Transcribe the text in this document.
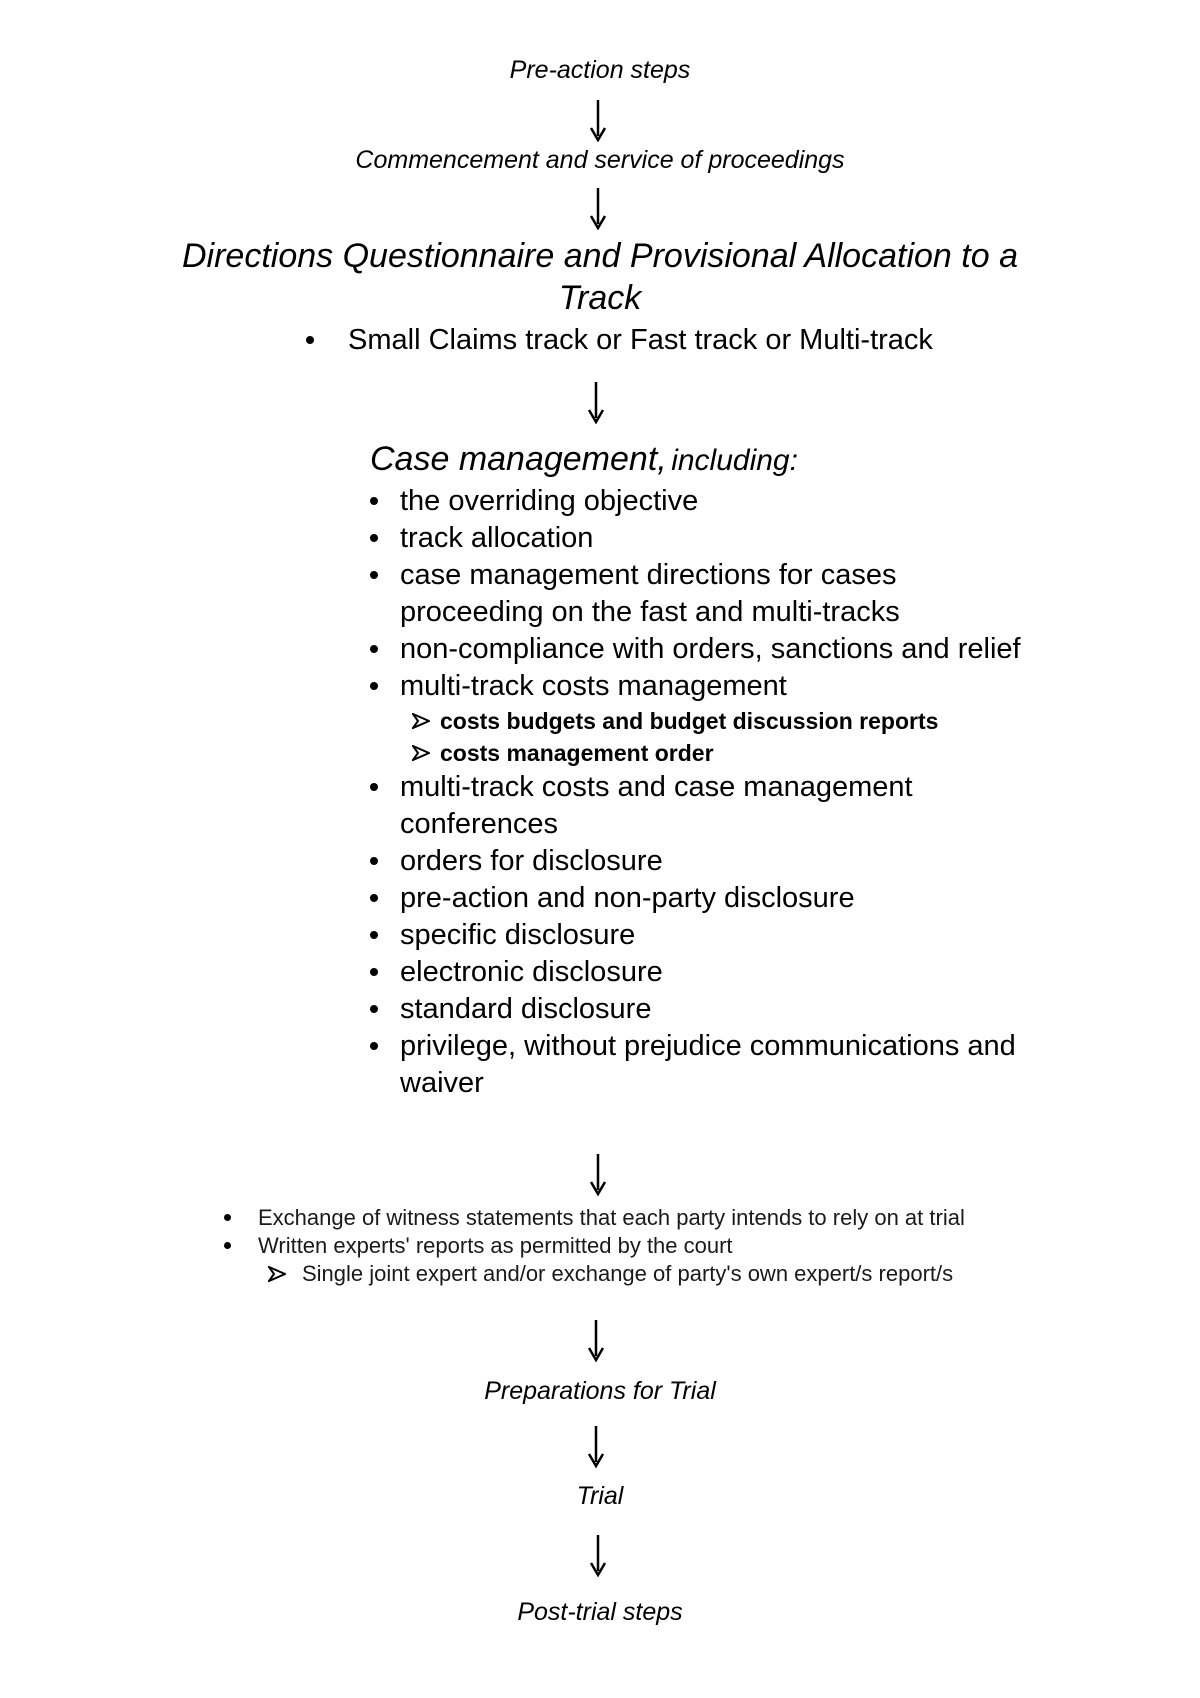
Pre-action steps
Commencement and service of proceedings
Directions Questionnaire and Provisional Allocation to a
Track
Small Claims track or Fast track or Multi-track
Case management, including:
the overriding objective
track allocation
case management directions for cases proceeding on the fast and multi-tracks
non-compliance with orders, sanctions and relief
multi-track costs management
costs budgets and budget discussion reports
costs management order
multi-track costs and case management conferences
orders for disclosure
pre-action and non-party disclosure
specific disclosure
electronic disclosure
standard disclosure
privilege, without prejudice communications and waiver
Exchange of witness statements that each party intends to rely on at trial
Written experts' reports as permitted by the court
Single joint expert and/or exchange of party's own expert/s report/s
Preparations for Trial
Trial
Post-trial steps
